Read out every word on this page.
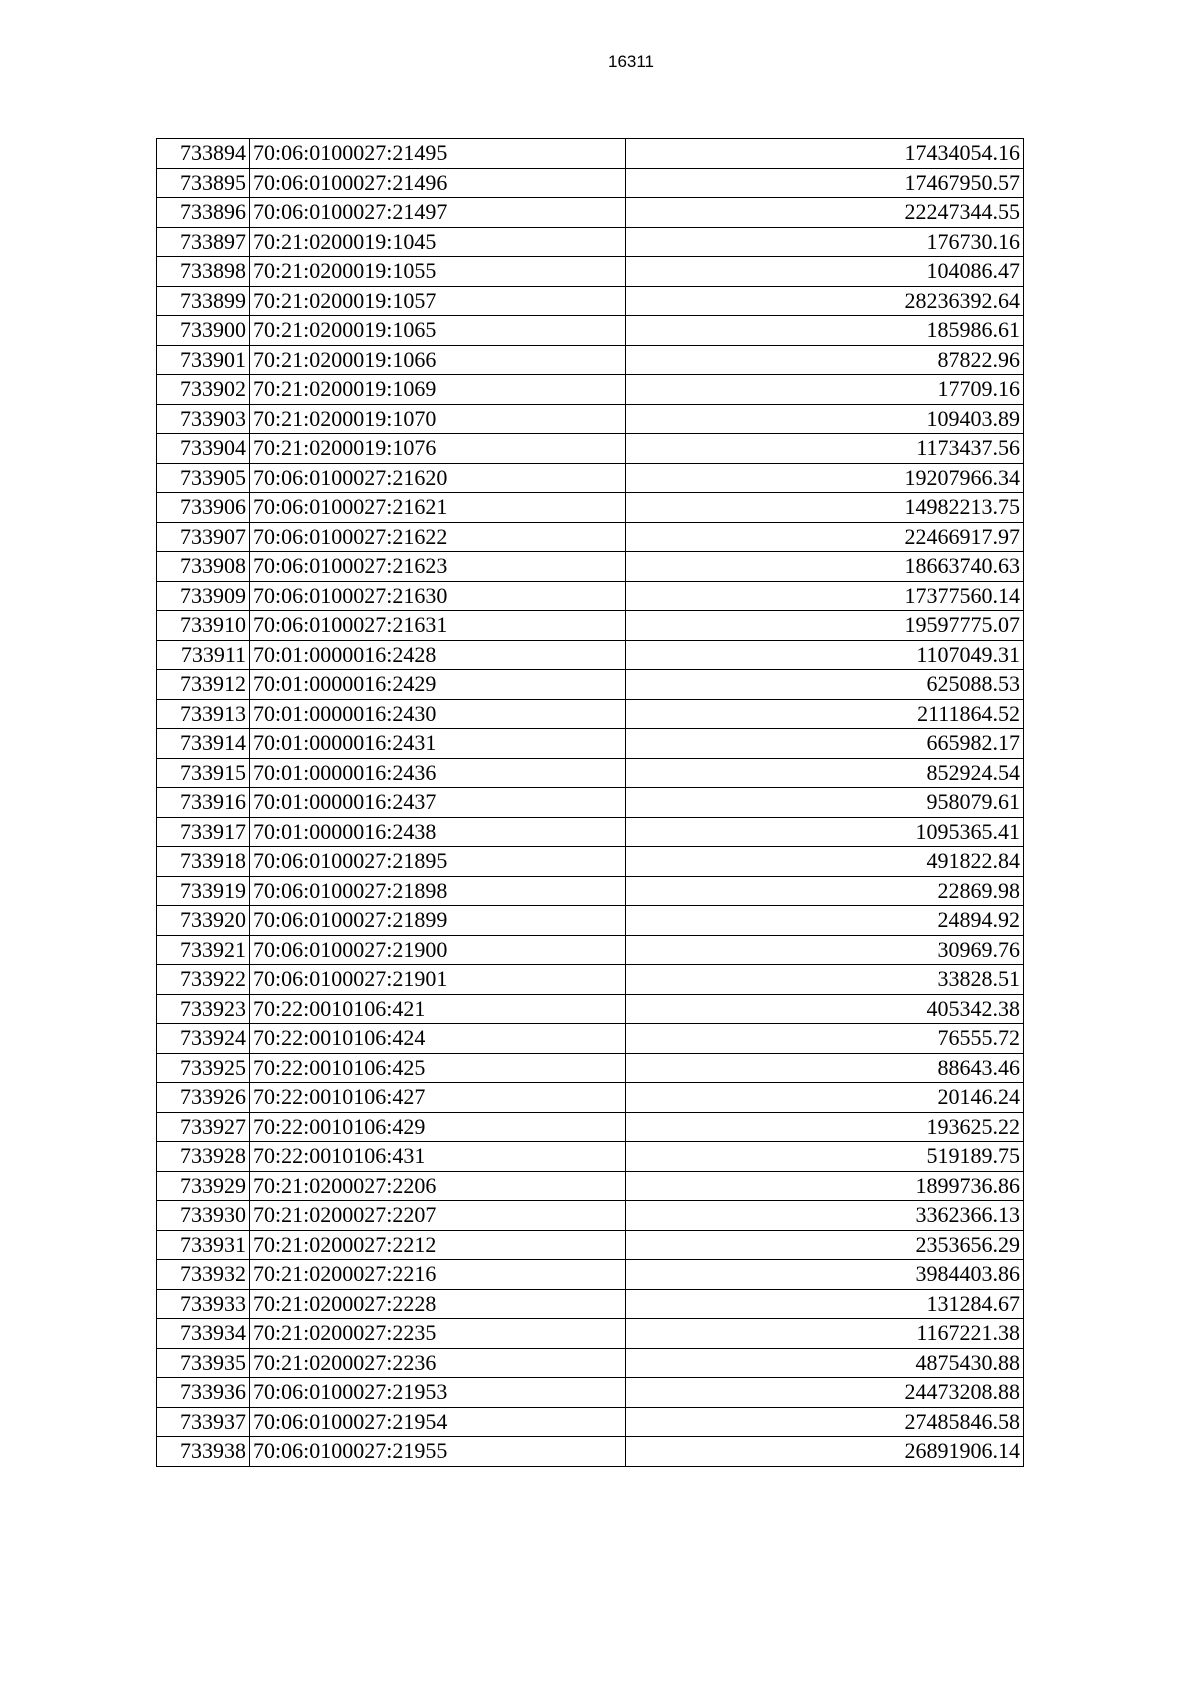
16311
733894	70:06:0100027:21495	17434054.16
733895	70:06:0100027:21496	17467950.57
733896	70:06:0100027:21497	22247344.55
733897	70:21:0200019:1045	176730.16
733898	70:21:0200019:1055	104086.47
733899	70:21:0200019:1057	28236392.64
733900	70:21:0200019:1065	185986.61
733901	70:21:0200019:1066	87822.96
733902	70:21:0200019:1069	17709.16
733903	70:21:0200019:1070	109403.89
733904	70:21:0200019:1076	1173437.56
733905	70:06:0100027:21620	19207966.34
733906	70:06:0100027:21621	14982213.75
733907	70:06:0100027:21622	22466917.97
733908	70:06:0100027:21623	18663740.63
733909	70:06:0100027:21630	17377560.14
733910	70:06:0100027:21631	19597775.07
733911	70:01:0000016:2428	1107049.31
733912	70:01:0000016:2429	625088.53
733913	70:01:0000016:2430	2111864.52
733914	70:01:0000016:2431	665982.17
733915	70:01:0000016:2436	852924.54
733916	70:01:0000016:2437	958079.61
733917	70:01:0000016:2438	1095365.41
733918	70:06:0100027:21895	491822.84
733919	70:06:0100027:21898	22869.98
733920	70:06:0100027:21899	24894.92
733921	70:06:0100027:21900	30969.76
733922	70:06:0100027:21901	33828.51
733923	70:22:0010106:421	405342.38
733924	70:22:0010106:424	76555.72
733925	70:22:0010106:425	88643.46
733926	70:22:0010106:427	20146.24
733927	70:22:0010106:429	193625.22
733928	70:22:0010106:431	519189.75
733929	70:21:0200027:2206	1899736.86
733930	70:21:0200027:2207	3362366.13
733931	70:21:0200027:2212	2353656.29
733932	70:21:0200027:2216	3984403.86
733933	70:21:0200027:2228	131284.67
733934	70:21:0200027:2235	1167221.38
733935	70:21:0200027:2236	4875430.88
733936	70:06:0100027:21953	24473208.88
733937	70:06:0100027:21954	27485846.58
733938	70:06:0100027:21955	26891906.14
